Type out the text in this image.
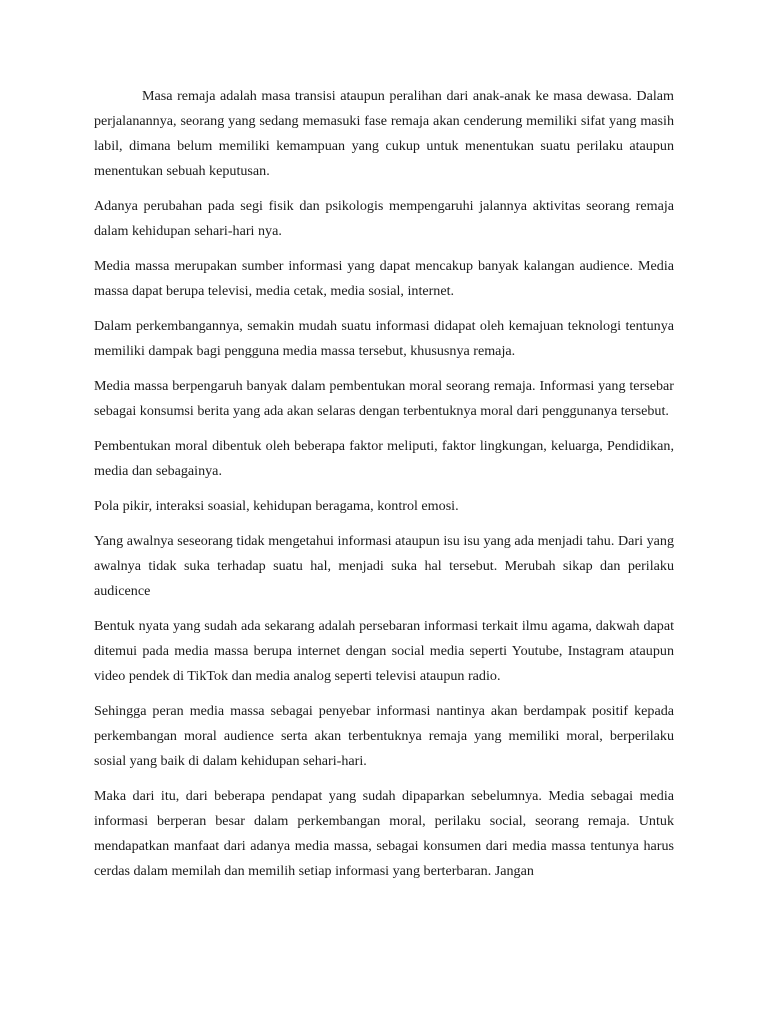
Masa remaja adalah masa transisi ataupun peralihan dari anak-anak ke masa dewasa. Dalam perjalanannya, seorang yang sedang memasuki fase remaja akan cenderung memiliki sifat yang masih labil, dimana belum memiliki kemampuan yang cukup untuk menentukan suatu perilaku ataupun menentukan sebuah keputusan.

Adanya perubahan pada segi fisik dan psikologis mempengaruhi jalannya aktivitas seorang remaja dalam kehidupan sehari-hari nya.

Media massa merupakan sumber informasi yang dapat mencakup banyak kalangan audience. Media massa dapat berupa televisi, media cetak, media sosial, internet.

Dalam perkembangannya, semakin mudah suatu informasi didapat oleh kemajuan teknologi tentunya memiliki dampak bagi pengguna media massa tersebut, khususnya remaja.

Media massa berpengaruh banyak dalam pembentukan moral seorang remaja. Informasi yang tersebar sebagai konsumsi berita yang ada akan selaras dengan terbentuknya moral dari penggunanya tersebut.

Pembentukan moral dibentuk oleh beberapa faktor meliputi, faktor lingkungan, keluarga, Pendidikan, media dan sebagainya.

Pola pikir, interaksi soasial, kehidupan beragama, kontrol emosi.

Yang awalnya seseorang tidak mengetahui informasi ataupun isu isu yang ada menjadi tahu. Dari yang awalnya tidak suka terhadap suatu hal, menjadi suka hal tersebut. Merubah sikap dan perilaku audicence

Bentuk nyata yang sudah ada sekarang adalah persebaran informasi terkait ilmu agama, dakwah dapat ditemui pada media massa berupa internet dengan social media seperti Youtube, Instagram ataupun video pendek di TikTok dan media analog seperti televisi ataupun radio.

Sehingga peran media massa sebagai penyebar informasi nantinya akan berdampak positif kepada perkembangan moral audience serta akan terbentuknya remaja yang memiliki moral, berperilaku sosial yang baik di dalam kehidupan sehari-hari.

Maka dari itu, dari beberapa pendapat yang sudah dipaparkan sebelumnya. Media sebagai media informasi berperan besar dalam perkembangan moral, perilaku social, seorang remaja. Untuk mendapatkan manfaat dari adanya media massa, sebagai konsumen dari media massa tentunya harus cerdas dalam memilah dan memilih setiap informasi yang berterbaran. Jangan
